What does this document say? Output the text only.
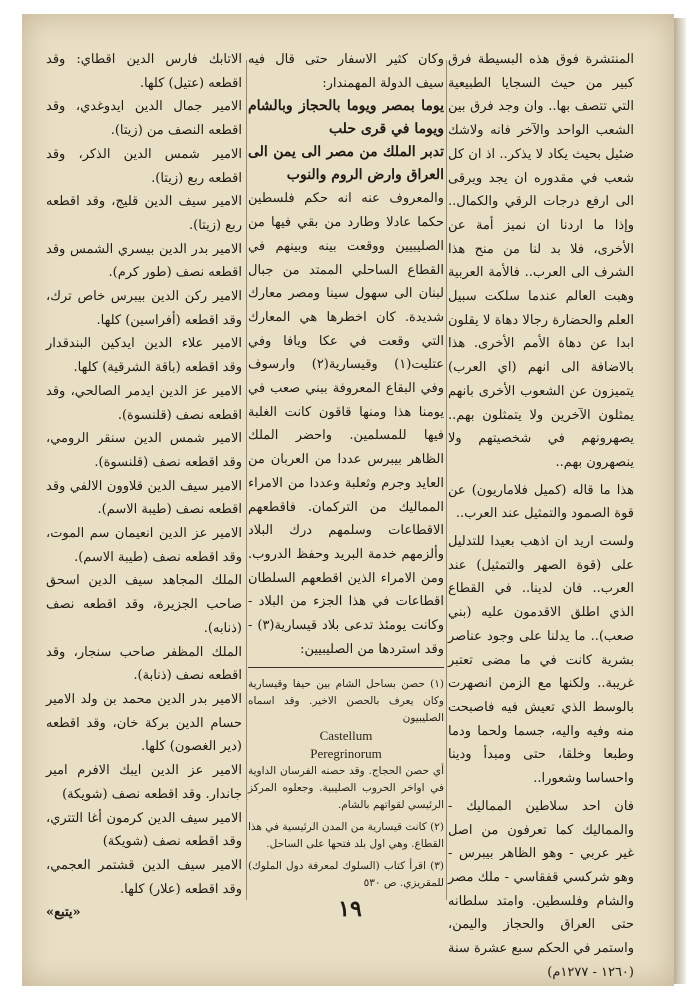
المنتشرة فوق هذه البسيطة فرق كبير من حيث السجايا الطبيعية التي تتصف بها.. وان وجد فرق بين الشعب الواحد والآخر فانه ولاشك ضئيل بحيث يكاد لا يذكر.. اذ ان كل شعب في مقدوره ان يجد ويرقى الى ارفع درجات الرقي والكمال.. وإذا ما اردنا ان نميز أمة عن الأخرى، فلا بد لنا من منح هذا الشرف الى العرب.. فالأمة العربية وهبت العالم عندما سلكت سبيل العلم والحضارة رجالا دهاة لا يقلون ابدا عن دهاة الأمم الأخرى. هذا بالاضافة الى انهم (اي العرب) يتميزون عن الشعوب الأخرى بانهم يمثلون الآخرين ولا يتمثلون بهم.. يصهرونهم في شخصيتهم ولا ينصهرون بهم..

هذا ما قاله (كميل فلاماريون) عن قوة الصمود والتمثيل عند العرب..

ولست اريد ان اذهب بعيدا للتدليل على (قوة الصهر والتمثيل) عند العرب.. فان لدينا.. في القطاع الذي اطلق الاقدمون عليه (بني صعب).. ما يدلنا على وجود عناصر بشرية كانت في ما مضى تعتبر غريبة.. ولكنها مع الزمن انصهرت بالوسط الذي تعيش فيه فاصبحت منه وفيه واليه، جسما ولحما ودما وطبعا وخلقا، حتى ومبدأ ودينا واحساسا وشعورا..

فان احد سلاطين المماليك - والمماليك كما تعرفون من اصل غير عربي - وهو الظاهر بيبرس - وهو شركسي قفقاسي - ملك مصر والشام وفلسطين. وامتد سلطانه حتى العراق والحجاز واليمن، واستمر في الحكم سبع عشرة سنة (١٢٦٠ - ١٢٧٧م)

وكان كثير الاسفار حتى قال فيه سيف الدولة المهمندار:

يوما بمصر ويوما بالحجاز وبالشام ويوما في قرى حلب

تدبر الملك من مصر الى يمن الى العراق وارض الروم والنوب

والمعروف عنه انه حكم فلسطين حكما عادلا وطارد من بقي فيها من الصليبيين ووقعت بينه وبينهم في القطاع الساحلي الممتد من جبال لبنان الى سهول سينا ومصر معارك شديدة. كان اخطرها هي المعارك التي وقعت في عكا ويافا وفي عتليت(١) وقيسارية(٢) وارسوف وفي البقاع المعروفة ببني صعب في يومنا هذا ومنها قاقون كانت الغلبة فيها للمسلمين. واحضر الملك الظاهر بيبرس عددا من العربان من العايد وجرم وثعلبة وعددا من الامراء المماليك من التركمان. فاقطعهم الاقطاعات وسلمهم درك البلاد وألزمهم خدمة البريد وحفظ الدروب. ومن الامراء الذين اقطعهم السلطان اقطاعات في هذا الجزء من البلاد - وكانت يومئذ تدعى بلاد قيسارية(٣) - وقد استردها من الصليبيين:

(١) حصن بساحل الشام بين حيفا وقيسارية وكان يعرف بالحصن الاخير. وقد اسماه الصليبيون
Castellum
Peregrinorum
أي حصن الحجاج. وقد حصنه الفرسان الداوية في اواخر الحروب الصليبية. وجعلوه المركز الرئيسي لقواتهم بالشام.

(٢) كانت قيسارية من المدن الرئيسية في هذا القطاع. وهي اول بلد فتحها على الساحل.

(٣) اقرأ كتاب (السلوك لمعرفة دول الملوك) للمقريزي. ص ٥٣٠

الاتابك فارس الدين اقطاي: وقد اقطعه (عتيل) كلها.

الامير جمال الدين ايدوغدي، وقد اقطعه النصف من (زيتا).

الامير شمس الدين الذكر، وقد اقطعه ربع (زيتا).

الامير سيف الدين قليج، وقد اقطعه ربع (زيتا).

الامير بدر الدين بيسري الشمس وقد اقطعه نصف (طور كرم).

الامير ركن الدين بيبرس خاص ترك، وقد اقطعه (أفراسين) كلها.

الامير علاء الدين ايدكين البندقدار وقد اقطعه (باقة الشرقية) كلها.

الامير عز الدين ايدمر الصالحي، وقد اقطعه نصف (قلنسوة).

الامير شمس الدين سنقر الرومي، وقد اقطعه نصف (قلنسوة).

الامير سيف الدين قلاوون الالفي وقد اقطعه نصف (طيبة الاسم).

الامير عز الدين انعيمان سم الموت، وقد اقطعه نصف (طيبة الاسم).

الملك المجاهد سيف الدين اسحق صاحب الجزيرة، وقد اقطعه نصف (ذنابه).

الملك المظفر صاحب سنجار، وقد اقطعه نصف (ذنابة).

الامير بدر الدين محمد بن ولد الامير حسام الدين بركة خان، وقد اقطعه (دير الغصون) كلها.

الامير عز الدين ايبك الافرم امير جاندار. وقد اقطعه نصف (شويكة)

الامير سيف الدين كرمون أغا التتري، وقد اقطعه نصف (شويكة)

الامير سيف الدين قشتمر العجمي، وقد اقطعه (علار) كلها.

«يتبع»	١٩
